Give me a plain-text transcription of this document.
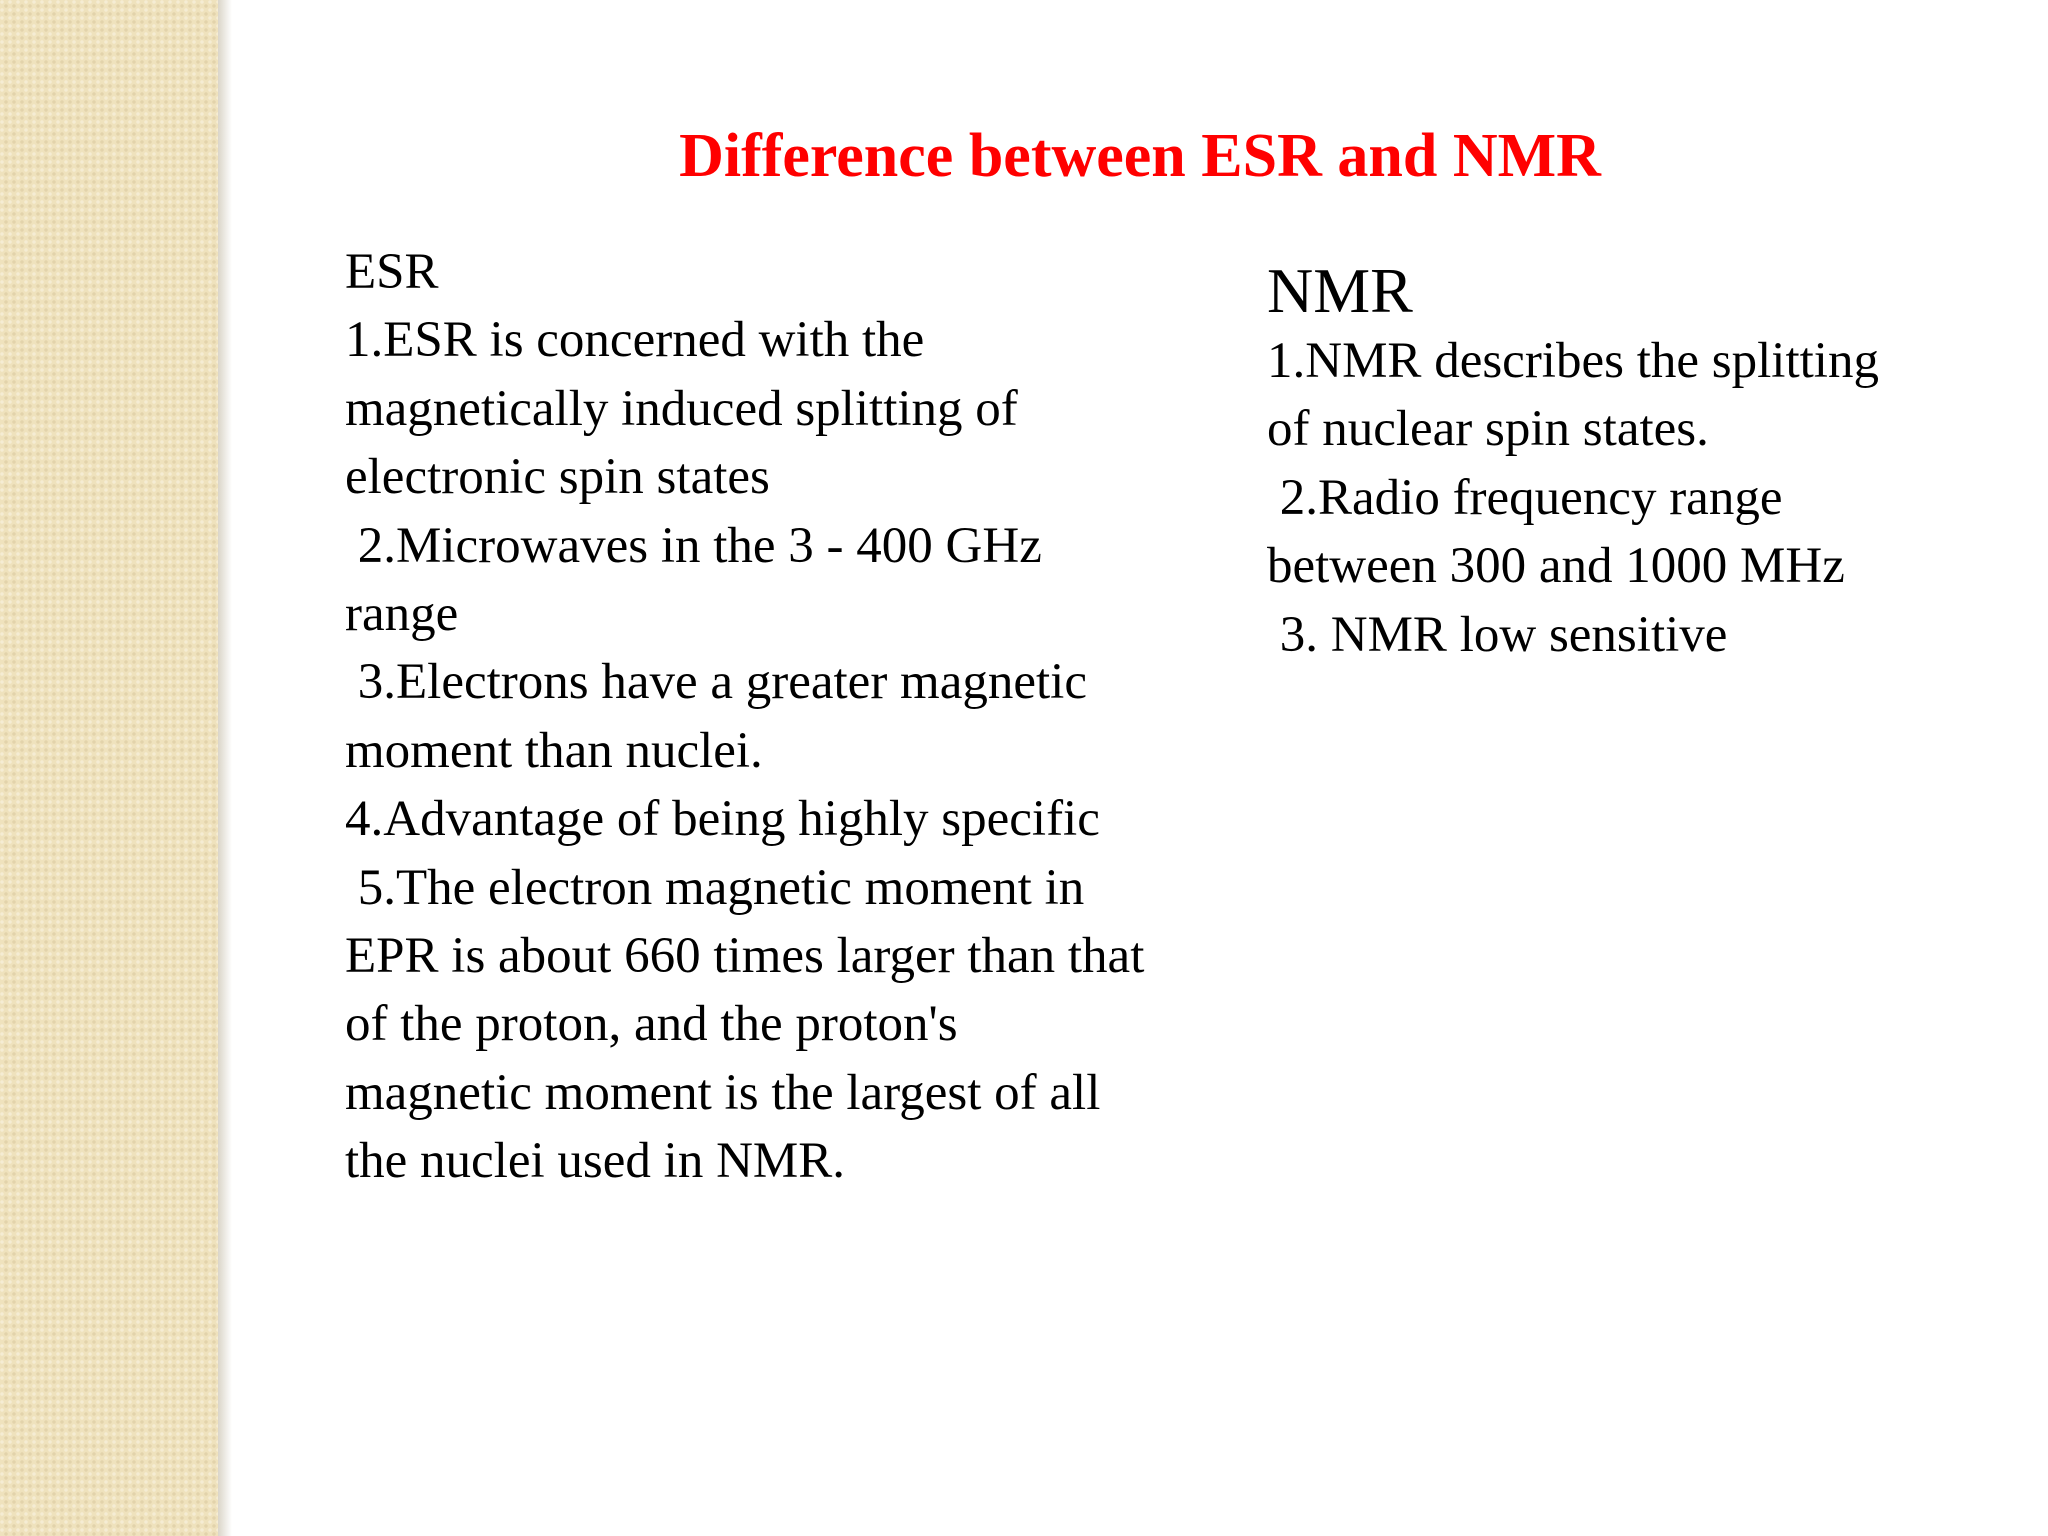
Difference between ESR and NMR
ESR
1.ESR is concerned with the
magnetically induced splitting of
electronic spin states
2.Microwaves in the 3 - 400 GHz
range
3.Electrons have a greater magnetic
moment than nuclei.
4.Advantage of being highly specific
5.The electron magnetic moment in
EPR is about 660 times larger than that
of the proton, and the proton's
magnetic moment is the largest of all
the nuclei used in NMR.
NMR
1.NMR describes the splitting
of nuclear spin states.
2.Radio frequency range
between 300 and 1000 MHz
3. NMR low sensitive
